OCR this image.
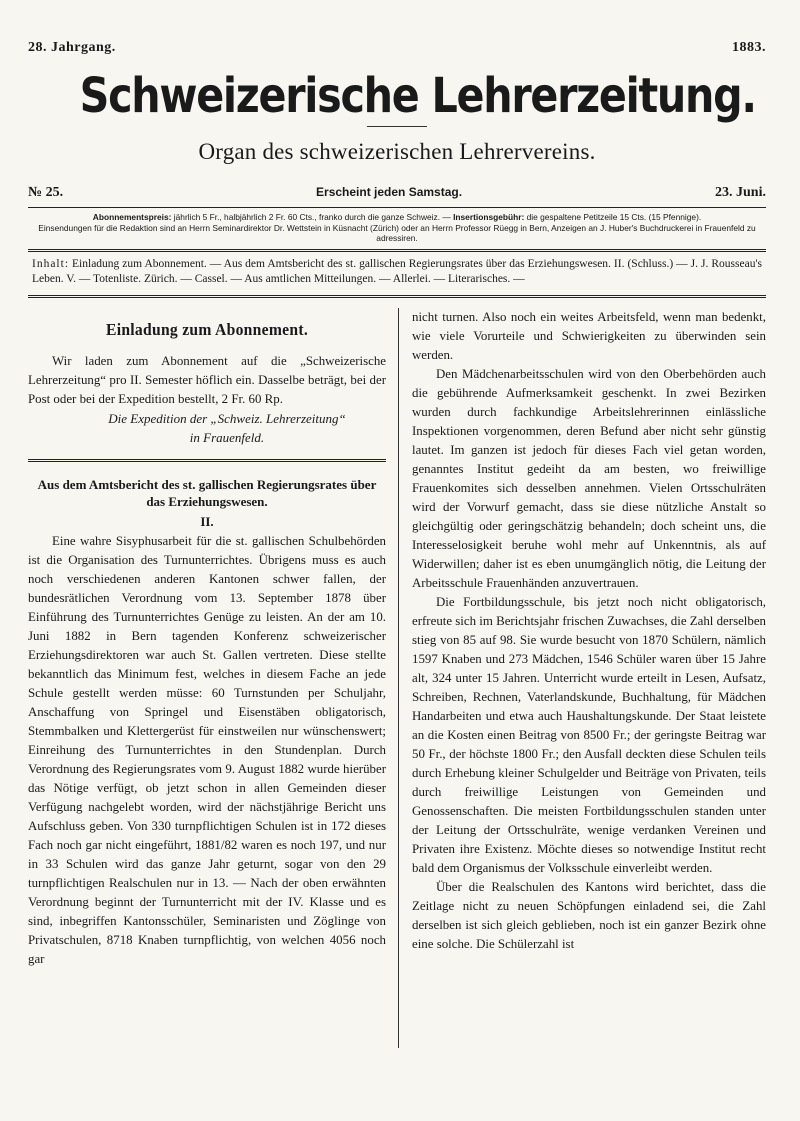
28. Jahrgang.	1883.
Schweizerische Lehrerzeitung.
Organ des schweizerischen Lehrervereins.
№ 25.	Erscheint jeden Samstag.	23. Juni.
Abonnementspreis: jährlich 5 Fr., halbjährlich 2 Fr. 60 Cts., franko durch die ganze Schweiz. — Insertionsgebühr: die gespaltene Petitzeile 15 Cts. (15 Pfennige).
Einsendungen für die Redaktion sind an Herrn Seminardirektor Dr. Wettstein in Küsnacht (Zürich) oder an Herrn Professor Rüegg in Bern, Anzeigen an J. Huber's Buchdruckerei in Frauenfeld zu adressiren.
Inhalt: Einladung zum Abonnement. — Aus dem Amtsbericht des st. gallischen Regierungsrates über das Erziehungswesen. II. (Schluss.) — J. J. Rousseau's Leben. V. — Totenliste. Zürich. — Cassel. — Aus amtlichen Mitteilungen. — Allerlei. — Literarisches. —
Einladung zum Abonnement.

Wir laden zum Abonnement auf die „Schweizerische Lehrerzeitung“ pro II. Semester höflich ein. Dasselbe beträgt, bei der Post oder bei der Expedition bestellt, 2 Fr. 60 Rp.

Die Expedition der „Schweiz. Lehrerzeitung“
in Frauenfeld.
Aus dem Amtsbericht des st. gallischen Regierungsrates über das Erziehungswesen.
II.

Eine wahre Sisyphusarbeit für die st. gallischen Schulbehörden ist die Organisation des Turnunterrichtes. Übrigens muss es auch noch verschiedenen anderen Kantonen schwer fallen, der bundesrätlichen Verordnung vom 13. September 1878 über Einführung des Turnunterrichtes Genüge zu leisten. An der am 10. Juni 1882 in Bern tagenden Konferenz schweizerischer Erziehungsdirektoren war auch St. Gallen vertreten. Diese stellte bekanntlich das Minimum fest, welches in diesem Fache an jede Schule gestellt werden müsse: 60 Turnstunden per Schuljahr, Anschaffung von Springel und Eisenstäben obligatorisch, Stemmbalken und Klettergerüst für einstweilen nur wünschenswert; Einreihung des Turnunterrichtes in den Stundenplan. Durch Verordnung des Regierungsrates vom 9. August 1882 wurde hierüber das Nötige verfügt, ob jetzt schon in allen Gemeinden dieser Verfügung nachgelebt worden, wird der nächstjährige Bericht uns Aufschluss geben. Von 330 turnpflichtigen Schulen ist in 172 dieses Fach noch gar nicht eingeführt, 1881/82 waren es noch 197, und nur in 33 Schulen wird das ganze Jahr geturnt, sogar von den 29 turnpflichtigen Realschulen nur in 13. — Nach der oben erwähnten Verordnung beginnt der Turnunterricht mit der IV. Klasse und es sind, inbegriffen Kantonsschüler, Seminaristen und Zöglinge von Privatschulen, 8718 Knaben turnpflichtig, von welchen 4056 noch gar

nicht turnen. Also noch ein weites Arbeitsfeld, wenn man bedenkt, wie viele Vorurteile und Schwierigkeiten zu überwinden sein werden.

Den Mädchenarbeitsschulen wird von den Oberbehörden auch die gebührende Aufmerksamkeit geschenkt. In zwei Bezirken wurden durch fachkundige Arbeitslehrerinnen einlässliche Inspektionen vorgenommen, deren Befund aber nicht sehr günstig lautet. Im ganzen ist jedoch für dieses Fach viel getan worden, genanntes Institut gedeiht da am besten, wo freiwillige Frauenkomites sich desselben annehmen. Vielen Ortsschulräten wird der Vorwurf gemacht, dass sie diese nützliche Anstalt so gleichgültig oder geringschätzig behandeln; doch scheint uns, die Interesselosigkeit beruhe wohl mehr auf Unkenntnis, als auf Widerwillen; daher ist es eben unumgänglich nötig, die Leitung der Arbeitsschule Frauenhänden anzuvertrauen.

Die Fortbildungsschule, bis jetzt noch nicht obligatorisch, erfreute sich im Berichtsjahr frischen Zuwachses, die Zahl derselben stieg von 85 auf 98. Sie wurde besucht von 1870 Schülern, nämlich 1597 Knaben und 273 Mädchen, 1546 Schüler waren über 15 Jahre alt, 324 unter 15 Jahren. Unterricht wurde erteilt in Lesen, Aufsatz, Schreiben, Rechnen, Vaterlandskunde, Buchhaltung, für Mädchen Handarbeiten und etwa auch Haushaltungskunde. Der Staat leistete an die Kosten einen Beitrag von 8500 Fr.; der geringste Beitrag war 50 Fr., der höchste 1800 Fr.; den Ausfall deckten diese Schulen teils durch Erhebung kleiner Schulgelder und Beiträge von Privaten, teils durch freiwillige Leistungen von Gemeinden und Genossenschaften. Die meisten Fortbildungsschulen standen unter der Leitung der Ortsschulräte, wenige verdanken Vereinen und Privaten ihre Existenz. Möchte dieses so notwendige Institut recht bald dem Organismus der Volksschule einverleibt werden.

Über die Realschulen des Kantons wird berichtet, dass die Zeitlage nicht zu neuen Schöpfungen einladend sei, die Zahl derselben ist sich gleich geblieben, noch ist ein ganzer Bezirk ohne eine solche. Die Schülerzahl ist
